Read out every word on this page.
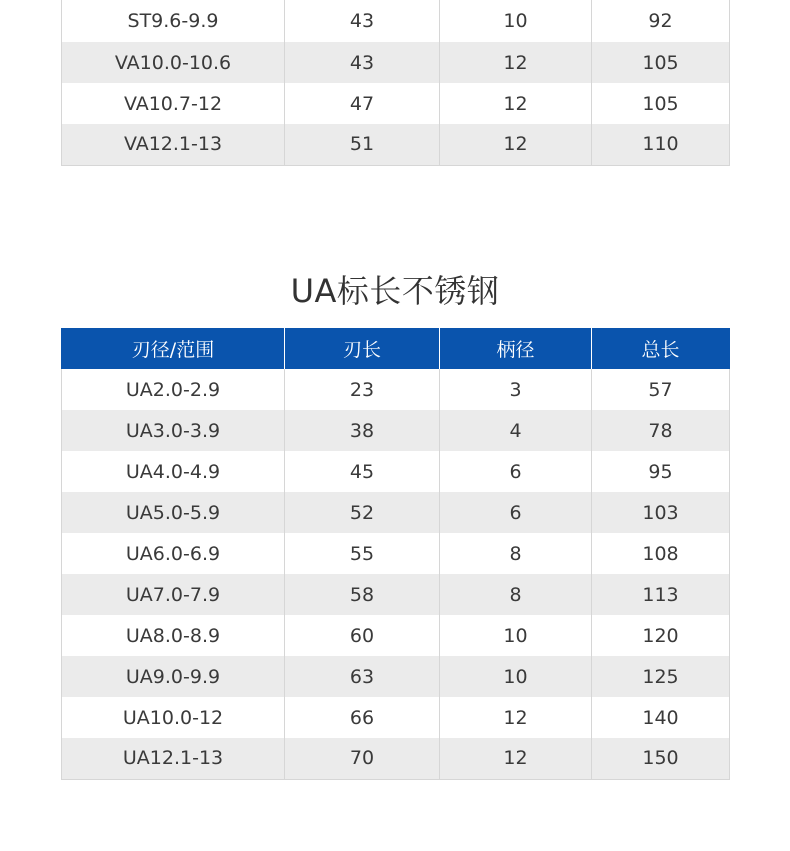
ST9.6-9.9	43	10	92
VA10.0-10.6	43	12	105
VA10.7-12	47	12	105
VA12.1-13	51	12	110
UA标长不锈钢
刃径/范围	刃长	柄径	总长
UA2.0-2.9	23	3	57
UA3.0-3.9	38	4	78
UA4.0-4.9	45	6	95
UA5.0-5.9	52	6	103
UA6.0-6.9	55	8	108
UA7.0-7.9	58	8	113
UA8.0-8.9	60	10	120
UA9.0-9.9	63	10	125
UA10.0-12	66	12	140
UA12.1-13	70	12	150
